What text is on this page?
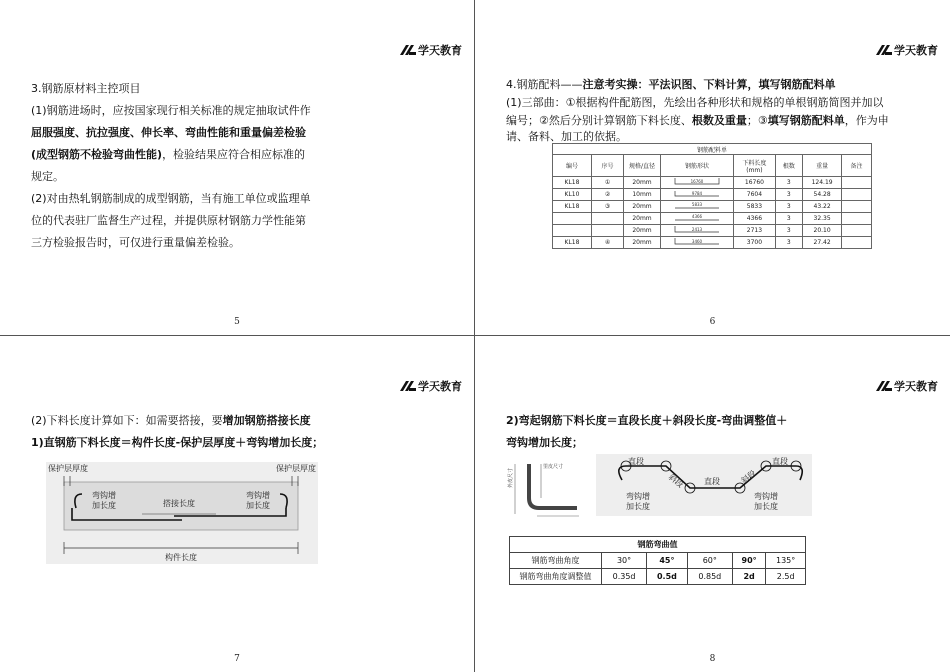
学天教育
3.钢筋原材料主控项目
(1)钢筋进场时，应按国家现行相关标准的规定抽取试件作
屈服强度、抗拉强度、伸长率、弯曲性能和重量偏差检验
(成型钢筋不检验弯曲性能)，检验结果应符合相应标准的
规定。
(2)对由热轧钢筋制成的成型钢筋，当有施工单位或监理单
位的代表驻厂监督生产过程，并提供原材钢筋力学性能第
三方检验报告时，可仅进行重量偏差检验。
5
学天教育
4.钢筋配料——注意考实操：平法识图、下料计算，填写钢筋配料单
(1)三部曲：①根据构件配筋图，先绘出各种形状和规格的单根钢筋简图并加以
编号；②然后分别计算钢筋下料长度、根数及重量；③填写钢筋配料单，作为申
请、备料、加工的依据。
钢筋配料单							
编号	序号	规格/直径	钢筋形状	下料长度(mm)	根数	重量	备注
KL18	①	20mm	16760	16760	3	124.19	
KL10	②	10mm	9784	7604	3	54.28	
KL18	③	20mm	5833	5833	3	43.22	
		20mm	4366	4366	3	32.35	
		20mm	2413	2713	3	20.10	
KL18	④	20mm	3460	3700	3	27.42	
6
学天教育
(2)下料长度计算如下：如需要搭接，要增加钢筋搭接长度
1)直钢筋下料长度＝构件长度-保护层厚度＋弯钩增加长度；
保护层厚度	保护层厚度
弯钩增
加长度	搭接长度
弯钩增
加长度
构件长度
7
学天教育
2)弯起钢筋下料长度＝直段长度＋斜段长度-弯曲调整值＋
弯钩增加长度；
外皮尺寸
里皮尺寸
直段
斜段 直段 斜段
直段
弯钩增
加长度
弯钩增
加长度
钢筋弯曲值					
钢筋弯曲角度	30°	45°	60°	90°	135°
钢筋弯曲角度调整值	0.35d	0.5d	0.85d	2d	2.5d
8
